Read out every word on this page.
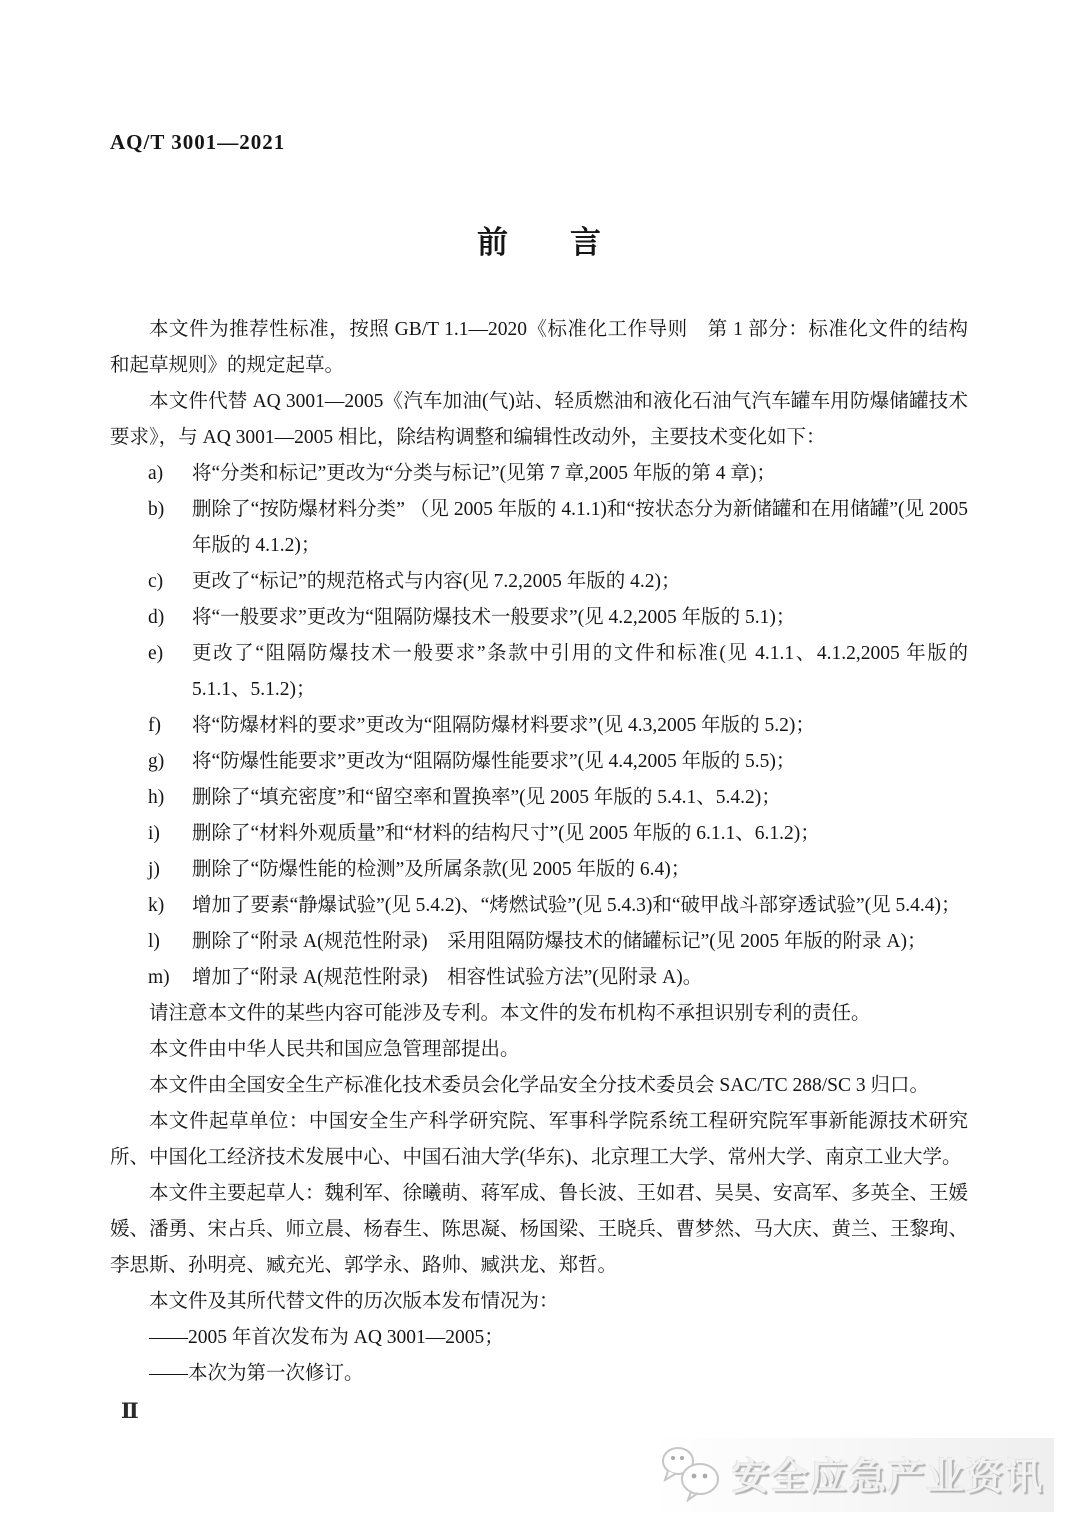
AQ/T 3001—2021
前　　言

本文件为推荐性标准，按照 GB/T 1.1—2020《标准化工作导则　第 1 部分：标准化文件的结构和起草规则》的规定起草。

本文件代替 AQ 3001—2005《汽车加油(气)站、轻质燃油和液化石油气汽车罐车用防爆储罐技术要求》，与 AQ 3001—2005 相比，除结构调整和编辑性改动外，主要技术变化如下：

a)	将“分类和标记”更改为“分类与标记”(见第 7 章,2005 年版的第 4 章)；
b)	删除了“按防爆材料分类” （见 2005 年版的 4.1.1)和“按状态分为新储罐和在用储罐”(见 2005 年版的 4.1.2)；
c)	更改了“标记”的规范格式与内容(见 7.2,2005 年版的 4.2)；
d)	将“一般要求”更改为“阻隔防爆技术一般要求”(见 4.2,2005 年版的 5.1)；
e)	更改了“阻隔防爆技术一般要求”条款中引用的文件和标准(见 4.1.1、4.1.2,2005 年版的 5.1.1、5.1.2)；
f)	将“防爆材料的要求”更改为“阻隔防爆材料要求”(见 4.3,2005 年版的 5.2)；
g)	将“防爆性能要求”更改为“阻隔防爆性能要求”(见 4.4,2005 年版的 5.5)；
h)	删除了“填充密度”和“留空率和置换率”(见 2005 年版的 5.4.1、5.4.2)；
i)	删除了“材料外观质量”和“材料的结构尺寸”(见 2005 年版的 6.1.1、6.1.2)；
j)	删除了“防爆性能的检测”及所属条款(见 2005 年版的 6.4)；
k)	增加了要素“静爆试验”(见 5.4.2)、“烤燃试验”(见 5.4.3)和“破甲战斗部穿透试验”(见 5.4.4)；
l)	删除了“附录 A(规范性附录)　采用阻隔防爆技术的储罐标记”(见 2005 年版的附录 A)；
m)	增加了“附录 A(规范性附录)　相容性试验方法”(见附录 A)。

请注意本文件的某些内容可能涉及专利。本文件的发布机构不承担识别专利的责任。

本文件由中华人民共和国应急管理部提出。

本文件由全国安全生产标准化技术委员会化学品安全分技术委员会 SAC/TC 288/SC 3 归口。

本文件起草单位：中国安全生产科学研究院、军事科学院系统工程研究院军事新能源技术研究所、中国化工经济技术发展中心、中国石油大学(华东)、北京理工大学、常州大学、南京工业大学。

本文件主要起草人：魏利军、徐曦萌、蒋军成、鲁长波、王如君、吴昊、安高军、多英全、王媛媛、潘勇、宋占兵、师立晨、杨春生、陈思凝、杨国梁、王晓兵、曹梦然、马大庆、黄兰、王黎珣、李思斯、孙明亮、臧充光、郭学永、路帅、臧洪龙、郑哲。

本文件及其所代替文件的历次版本发布情况为：

——2005 年首次发布为 AQ 3001—2005；

——本次为第一次修订。

Ⅱ
安全应急产业资讯
